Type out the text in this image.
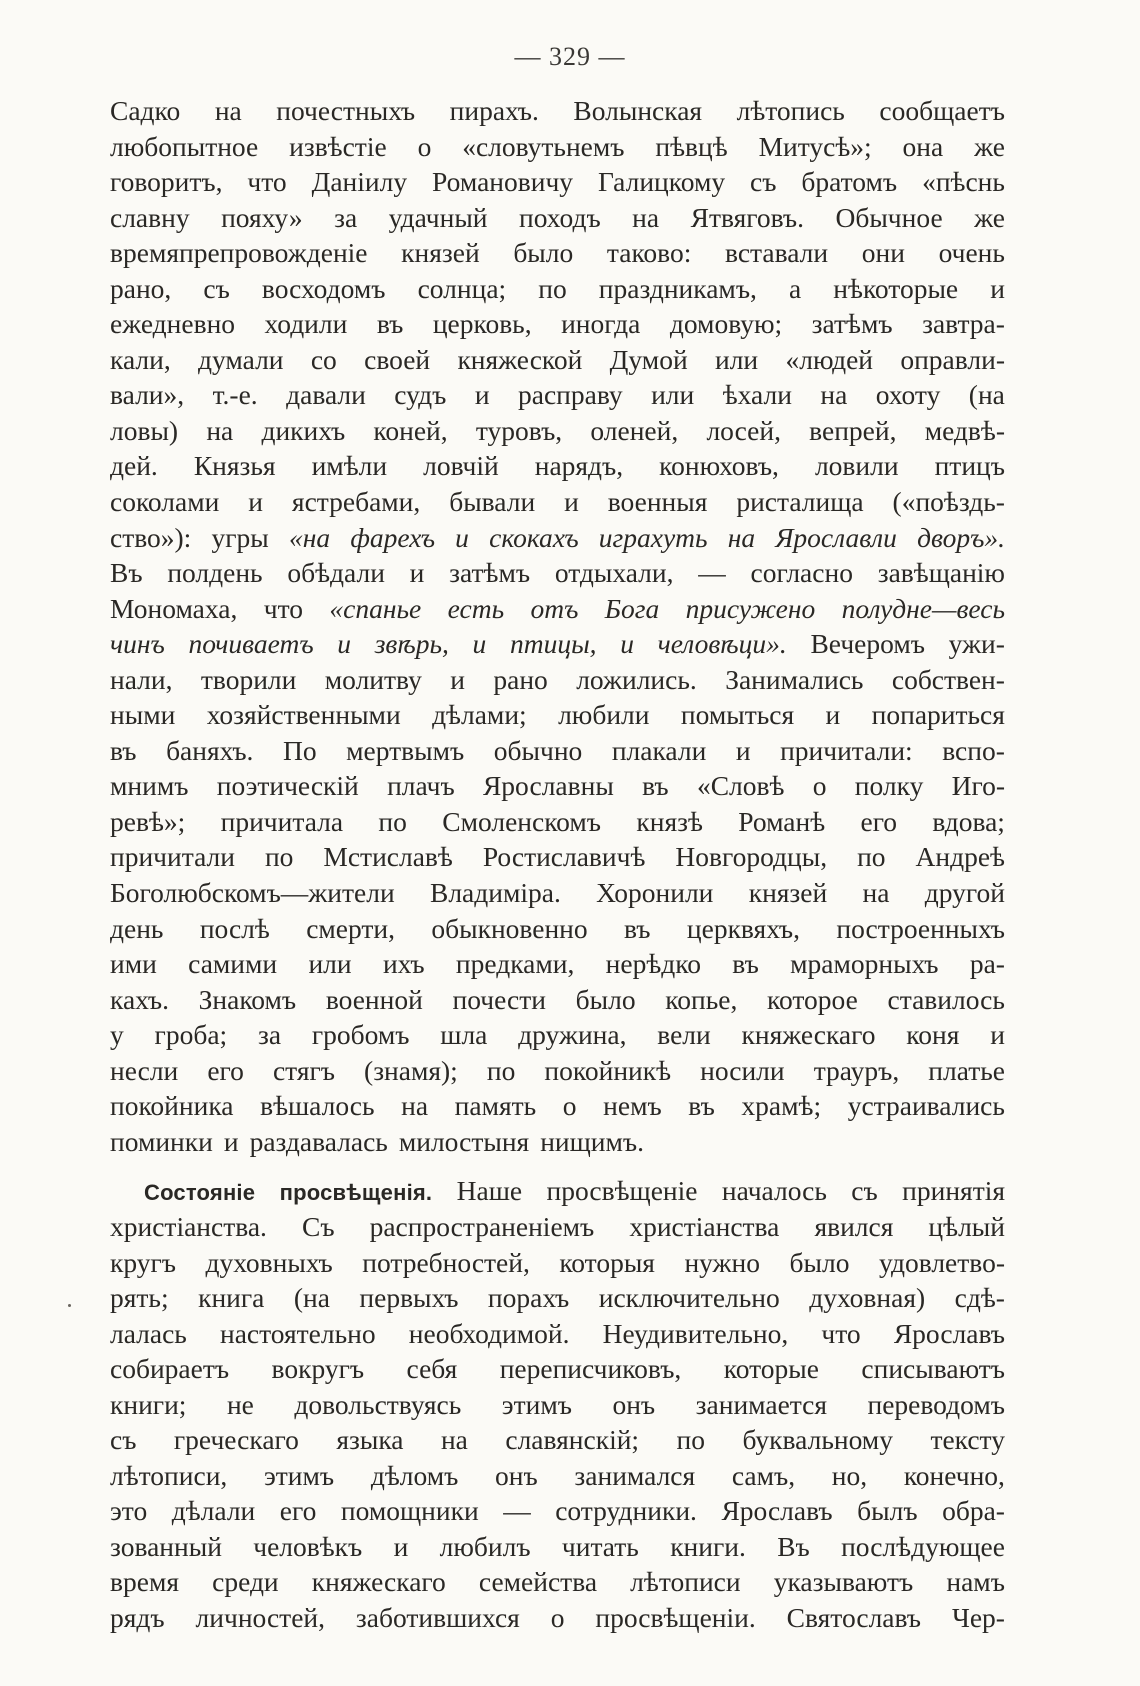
— 329 —
Садко на почестныхъ пирахъ. Волынская лѣтопись сообщаетъ
любопытное извѣстіе о «словутьнемъ пѣвцѣ Митусѣ»; она же
говоритъ, что Даніилу Романовичу Галицкому съ братомъ «пѣснь
славну пояху» за удачный походъ на Ятвяговъ. Обычное же
времяпрепровожденіе князей было таково: вставали они очень
рано, съ восходомъ солнца; по праздникамъ, а нѣкоторые и
ежедневно ходили въ церковь, иногда домовую; затѣмъ завтра-
кали, думали со своей княжеской Думой или «людей оправли-
вали», т.-е. давали судъ и расправу или ѣхали на охоту (на
ловы) на дикихъ коней, туровъ, оленей, лосей, вепрей, медвѣ-
дей. Князья имѣли ловчій нарядъ, конюховъ, ловили птицъ
соколами и ястребами, бывали и военныя ристалища («поѣздь-
ство»): угры «на фарехъ и скокахъ играхуть на Ярославли дворъ».
Въ полдень обѣдали и затѣмъ отдыхали, — согласно завѣщанію
Мономаха, что «спанье есть отъ Бога присужено полудне—весь
чинъ почиваетъ и звѣрь, и птицы, и человѣци». Вечеромъ ужи-
нали, творили молитву и рано ложились. Занимались собствен-
ными хозяйственными дѣлами; любили помыться и попариться
въ баняхъ. По мертвымъ обычно плакали и причитали: вспо-
мнимъ поэтическій плачъ Ярославны въ «Словѣ о полку Иго-
ревѣ»; причитала по Смоленскомъ князѣ Романѣ его вдова;
причитали по Мстиславѣ Ростиславичѣ Новгородцы, по Андреѣ
Боголюбскомъ—жители Владиміра. Хоронили князей на другой
день послѣ смерти, обыкновенно въ церквяхъ, построенныхъ
ими самими или ихъ предками, нерѣдко въ мраморныхъ ра-
кахъ. Знакомъ военной почести было копье, которое ставилось
у гроба; за гробомъ шла дружина, вели княжескаго коня и
несли его стягъ (знамя); по покойникѣ носили трауръ, платье
покойника вѣшалось на память о немъ въ храмѣ; устраивались
поминки и раздавалась милостыня нищимъ.
Состояніе просвѣщенія. Наше просвѣщеніе началось съ принятія
христіанства. Съ распространеніемъ христіанства явился цѣлый
кругъ духовныхъ потребностей, которыя нужно было удовлетво-
рять; книга (на первыхъ порахъ исключительно духовная) сдѣ-
лалась настоятельно необходимой. Неудивительно, что Ярославъ
собираетъ вокругъ себя переписчиковъ, которые списываютъ
книги; не довольствуясь этимъ онъ занимается переводомъ
съ греческаго языка на славянскій; по буквальному тексту
лѣтописи, этимъ дѣломъ онъ занимался самъ, но, конечно,
это дѣлали его помощники — сотрудники. Ярославъ былъ обра-
зованный человѣкъ и любилъ читать книги. Въ послѣдующее
время среди княжескаго семейства лѣтописи указываютъ намъ
рядъ личностей, заботившихся о просвѣщеніи. Святославъ Чер-
